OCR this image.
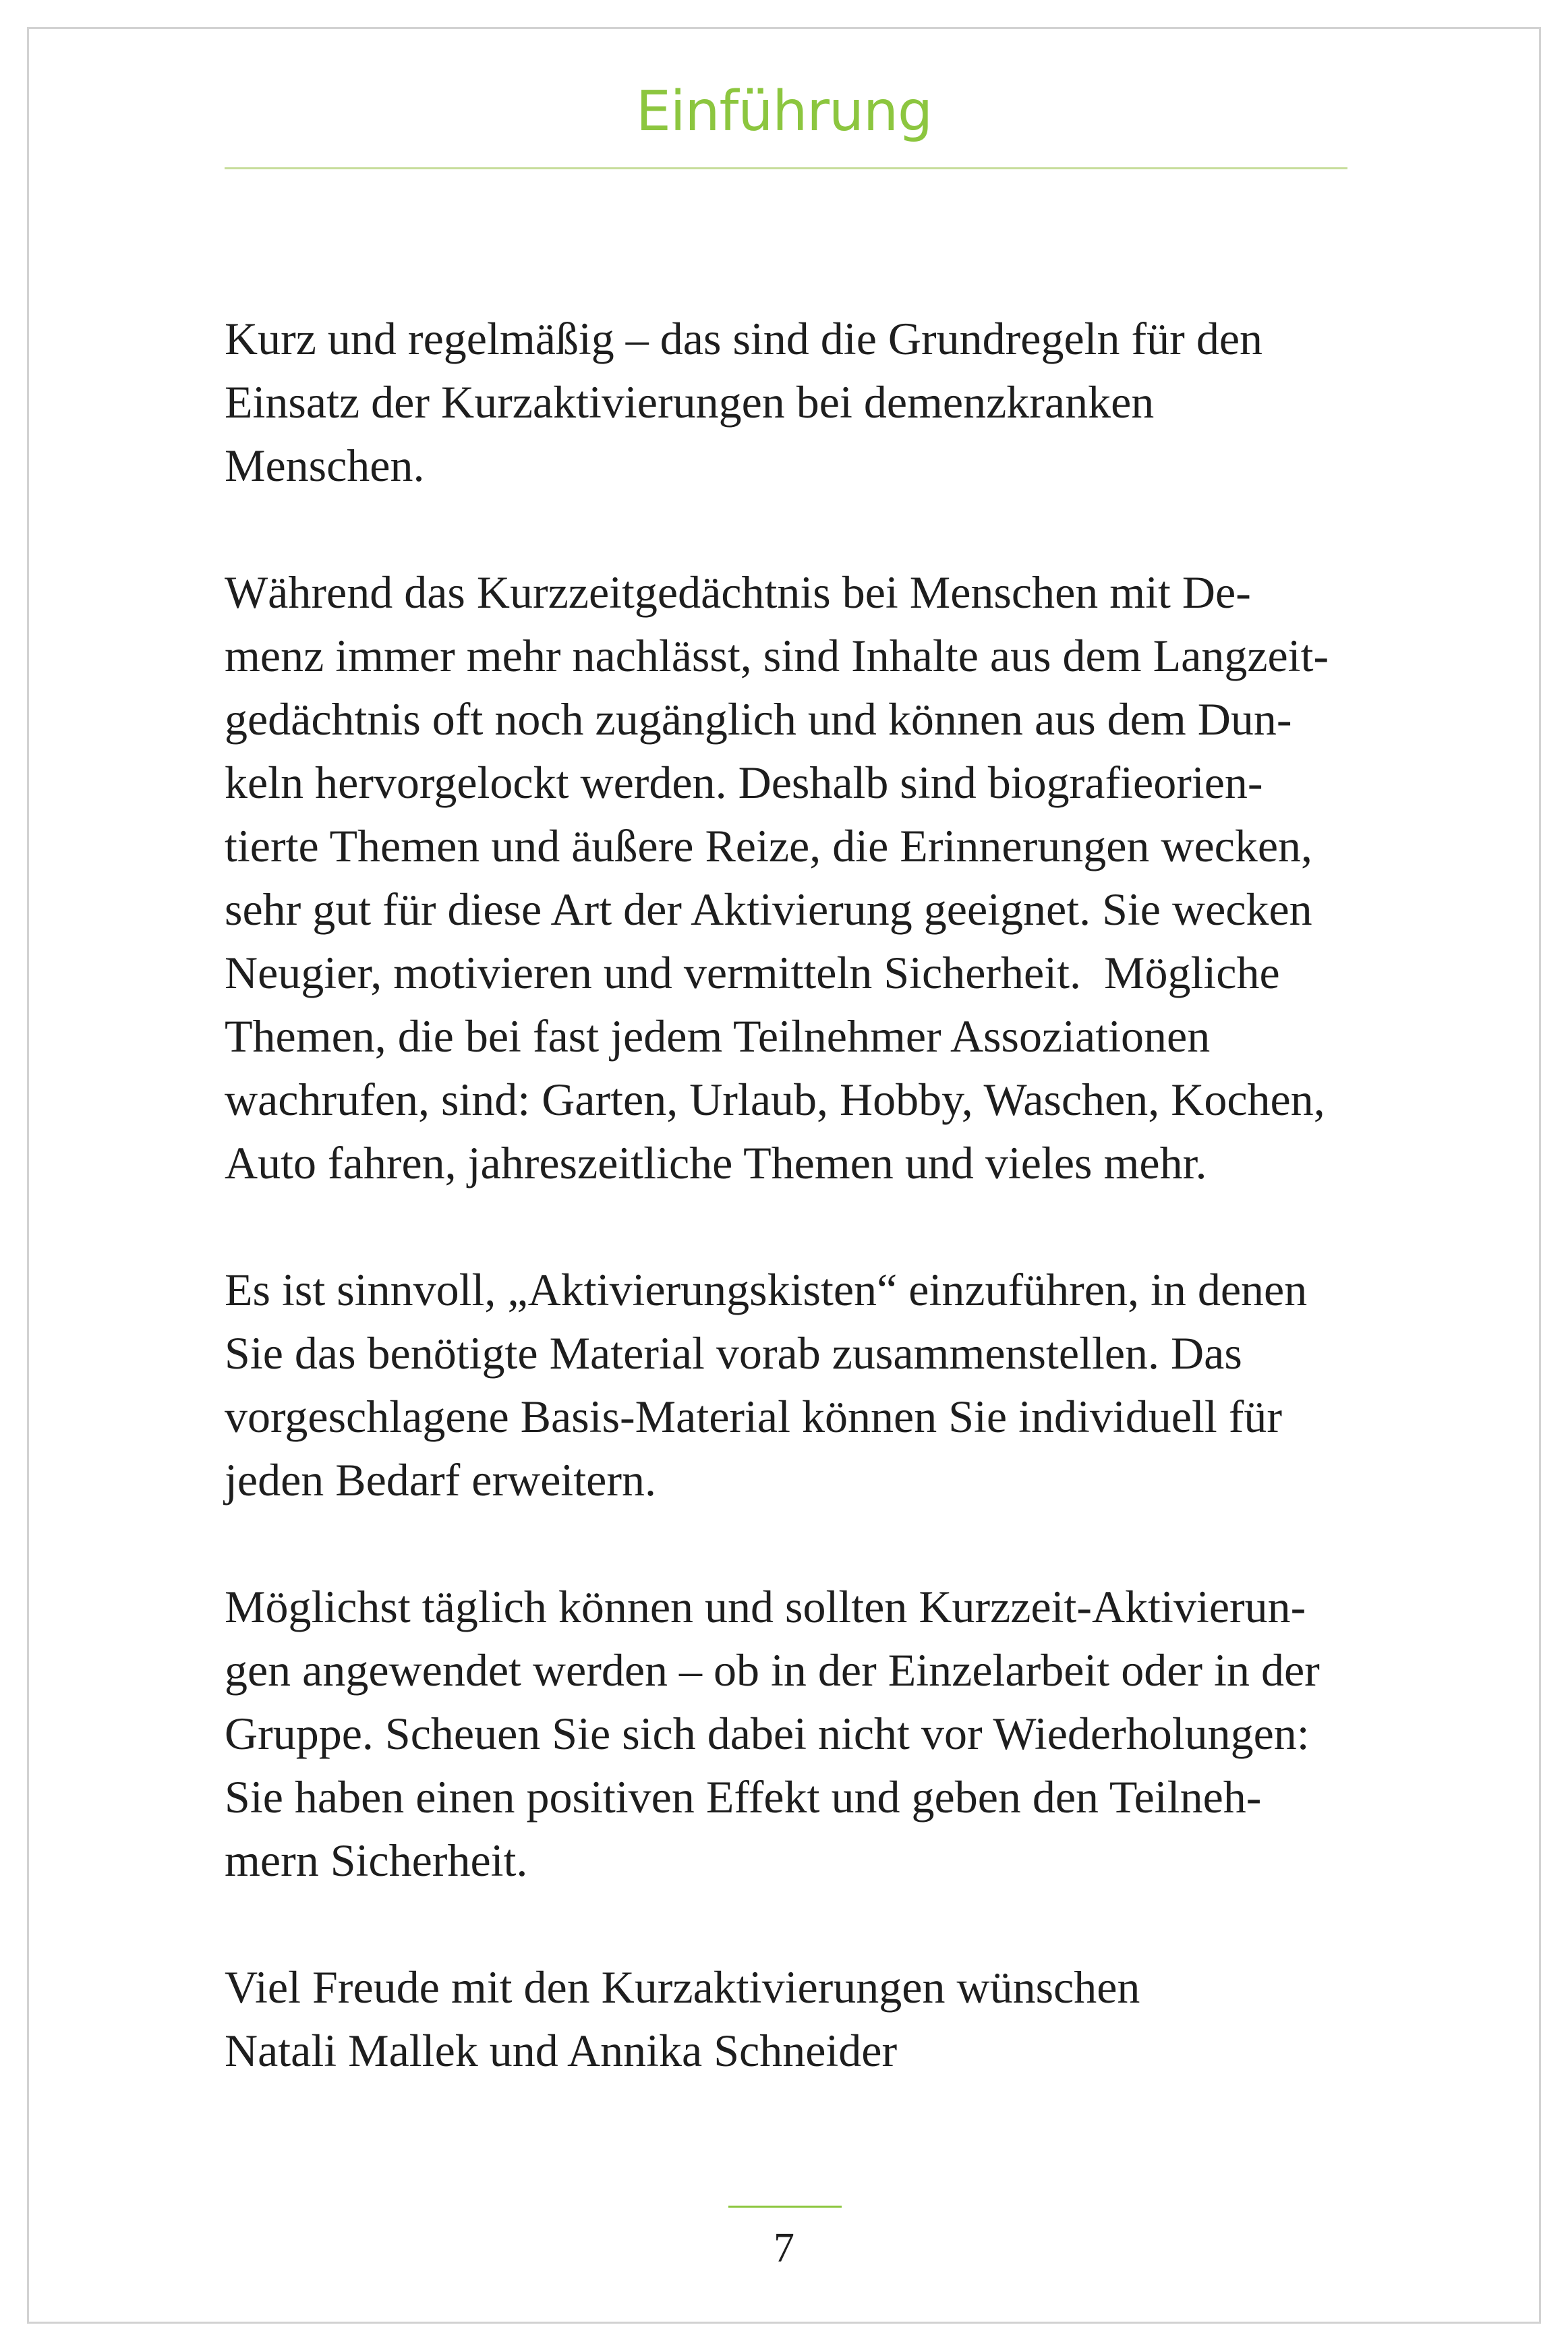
Einführung
Kurz und regelmäßig – das sind die Grundregeln für den
Einsatz der Kurzaktivierungen bei demenzkranken
Menschen.
Während das Kurzzeitgedächtnis bei Menschen mit De-
menz immer mehr nachlässt, sind Inhalte aus dem Langzeit-
gedächtnis oft noch zugänglich und können aus dem Dun-
keln hervorgelockt werden. Deshalb sind biografieorien-
tierte Themen und äußere Reize, die Erinnerungen wecken,
sehr gut für diese Art der Aktivierung geeignet. Sie wecken
Neugier, motivieren und vermitteln Sicherheit.  Mögliche
Themen, die bei fast jedem Teilnehmer Assoziationen
wachrufen, sind: Garten, Urlaub, Hobby, Waschen, Kochen,
Auto fahren, jahreszeitliche Themen und vieles mehr.
Es ist sinnvoll, „Aktivierungskisten“ einzuführen, in denen
Sie das benötigte Material vorab zusammenstellen. Das
vorgeschlagene Basis-Material können Sie individuell für
jeden Bedarf erweitern.
Möglichst täglich können und sollten Kurzzeit-Aktivierun-
gen angewendet werden – ob in der Einzelarbeit oder in der
Gruppe. Scheuen Sie sich dabei nicht vor Wiederholungen:
Sie haben einen positiven Effekt und geben den Teilneh-
mern Sicherheit.
Viel Freude mit den Kurzaktivierungen wünschen
Natali Mallek und Annika Schneider
7
